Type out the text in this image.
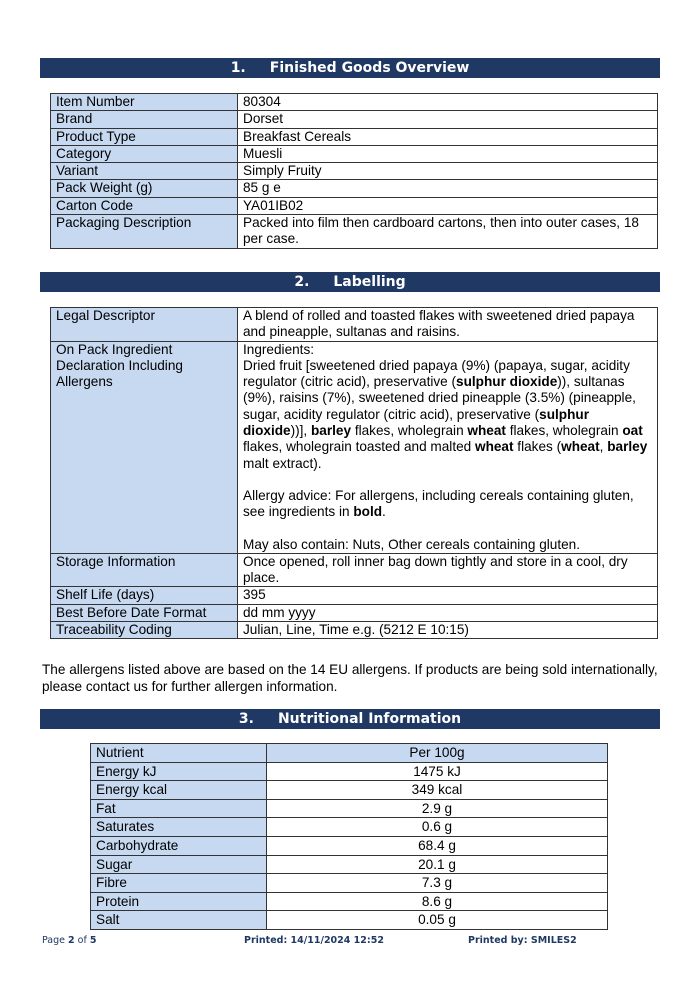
1. Finished Goods Overview
Item Number	80304
Brand	Dorset
Product Type	Breakfast Cereals
Category	Muesli
Variant	Simply Fruity
Pack Weight (g)	85 g e
Carton Code	YA01IB02
Packaging Description	Packed into film then cardboard cartons, then into outer cases, 18 per case.
2. Labelling
Legal Descriptor	A blend of rolled and toasted flakes with sweetened dried papaya and pineapple, sultanas and raisins.
On Pack Ingredient Declaration Including Allergens	Ingredients:
Dried fruit [sweetened dried papaya (9%) (papaya, sugar, acidity regulator (citric acid), preservative (sulphur dioxide)), sultanas (9%), raisins (7%), sweetened dried pineapple (3.5%) (pineapple, sugar, acidity regulator (citric acid), preservative (sulphur dioxide))], barley flakes, wholegrain wheat flakes, wholegrain oat flakes, wholegrain toasted and malted wheat flakes (wheat, barley malt extract).
Allergy advice: For allergens, including cereals containing gluten, see ingredients in bold.
May also contain: Nuts, Other cereals containing gluten.

Storage Information	Once opened, roll inner bag down tightly and store in a cool, dry place.
Shelf Life (days)	395
Best Before Date Format	dd mm yyyy
Traceability Coding	Julian, Line, Time e.g. (5212 E 10:15)
The allergens listed above are based on the 14 EU allergens. If products are being sold internationally, please contact us for further allergen information.
3. Nutritional Information
Nutrient	Per 100g
Energy kJ	1475 kJ
Energy kcal	349 kcal
Fat	2.9 g
Saturates	0.6 g
Carbohydrate	68.4 g
Sugar	20.1 g
Fibre	7.3 g
Protein	8.6 g
Salt	0.05 g
Page 2 of 5	Printed: 14/11/2024 12:52	Printed by: SMILES2
